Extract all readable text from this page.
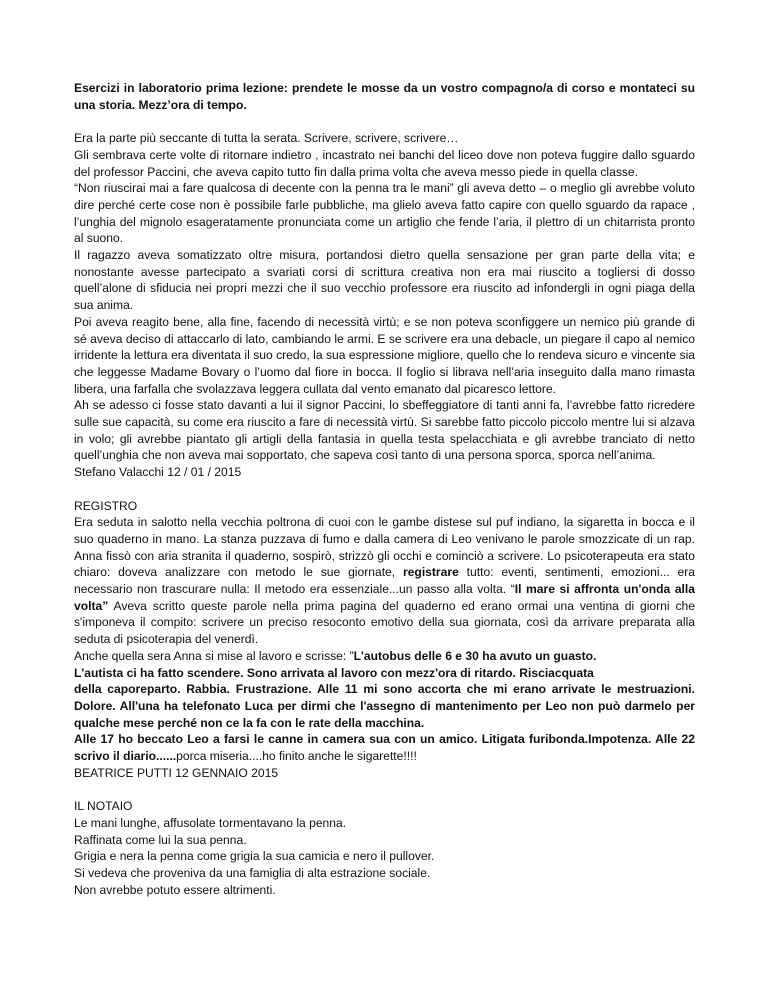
Esercizi in laboratorio prima lezione: prendete le mosse da un vostro compagno/a di corso e montateci su una storia. Mezz’ora di tempo.

Era la parte più seccante di tutta la serata. Scrivere, scrivere, scrivere…

Gli sembrava certe volte di ritornare indietro , incastrato nei banchi del liceo dove non poteva fuggire dallo sguardo del professor Paccini, che aveva capito tutto fin dalla prima volta che aveva messo piede in quella classe.

“Non riuscirai mai a fare qualcosa di decente con la penna tra le mani” gli aveva detto – o meglio gli avrebbe voluto dire perché certe cose non è possibile farle pubbliche, ma glielo aveva fatto capire con quello sguardo da rapace , l’unghia del mignolo esageratamente pronunciata come un artiglio che fende l’aria, il plettro di un chitarrista pronto al suono.

Il ragazzo aveva somatizzato oltre misura, portandosi dietro quella sensazione per gran parte della vita; e nonostante avesse partecipato a svariati corsi di scrittura creativa non era mai riuscito a togliersi di dosso quell’alone di sfiducia nei propri mezzi che il suo vecchio professore era riuscito ad infondergli in ogni piaga della sua anima.

Poi aveva reagito bene, alla fine, facendo di necessità virtù; e se non poteva sconfiggere un nemico più grande di sé aveva deciso di attaccarlo di lato, cambiando le armi. E se scrivere era una debacle, un piegare il capo al nemico irridente la lettura era diventata il suo credo, la sua espressione migliore, quello che lo rendeva sicuro e vincente sia che leggesse Madame Bovary o l’uomo dal fiore in bocca. Il foglio si librava nell’aria inseguito dalla mano rimasta libera, una farfalla che svolazzava leggera cullata dal vento emanato dal picaresco lettore.

Ah se adesso ci fosse stato davanti a lui il signor Paccini, lo sbeffeggiatore di tanti anni fa, l’avrebbe fatto ricredere sulle sue capacità, su come era riuscito a fare di necessità virtù. Si sarebbe fatto piccolo piccolo mentre lui si alzava in volo; gli avrebbe piantato gli artigli della fantasia in quella testa spelacchiata e gli avrebbe tranciato di netto quell’unghia che non aveva mai sopportato, che sapeva così tanto di una persona sporca, sporca nell’anima.

Stefano Valacchi 12 / 01 / 2015

REGISTRO

Era seduta in salotto nella vecchia poltrona di cuoi con le gambe distese sul puf indiano, la sigaretta in bocca e il suo quaderno in mano. La stanza puzzava di fumo e dalla camera di Leo venivano le parole smozzicate di un rap. Anna fissò con aria stranita il quaderno, sospirò, strizzò gli occhi e cominciò a scrivere. Lo psicoterapeuta era stato chiaro: doveva analizzare con metodo le sue giornate, registrare tutto: eventi, sentimenti, emozioni... era necessario non trascurare nulla: Il metodo era essenziale...un passo alla volta. “Il mare si affronta un'onda alla volta” Aveva scritto queste parole nella prima pagina del quaderno ed erano ormai una ventina di giorni che s'imponeva il compito: scrivere un preciso resoconto emotivo della sua giornata, così da arrivare preparata alla seduta di psicoterapia del venerdì.

Anche quella sera Anna si mise al lavoro e scrisse: ”L'autobus delle 6 e 30 ha avuto un guasto.

L'autista ci ha fatto scendere. Sono arrivata al lavoro con mezz'ora di ritardo. Risciacquata

della caporeparto. Rabbia. Frustrazione. Alle 11 mi sono accorta che mi erano arrivate le mestruazioni. Dolore. All'una ha telefonato Luca per dirmi che l'assegno di mantenimento per Leo non può darmelo per qualche mese perché non ce la fa con le rate della macchina.

Alle 17 ho beccato Leo a farsi le canne in camera sua con un amico. Litigata furibonda.Impotenza. Alle 22 scrivo il diario......porca miseria....ho finito anche le sigarette!!!!

BEATRICE PUTTI 12 GENNAIO 2015

IL NOTAIO

Le mani lunghe, affusolate tormentavano la penna.

Raffinata come lui la sua penna.

Grigia e nera la penna come grigia la sua camicia e nero il pullover.

Si vedeva che proveniva da una famiglia di alta estrazione sociale.

Non avrebbe potuto essere altrimenti.
